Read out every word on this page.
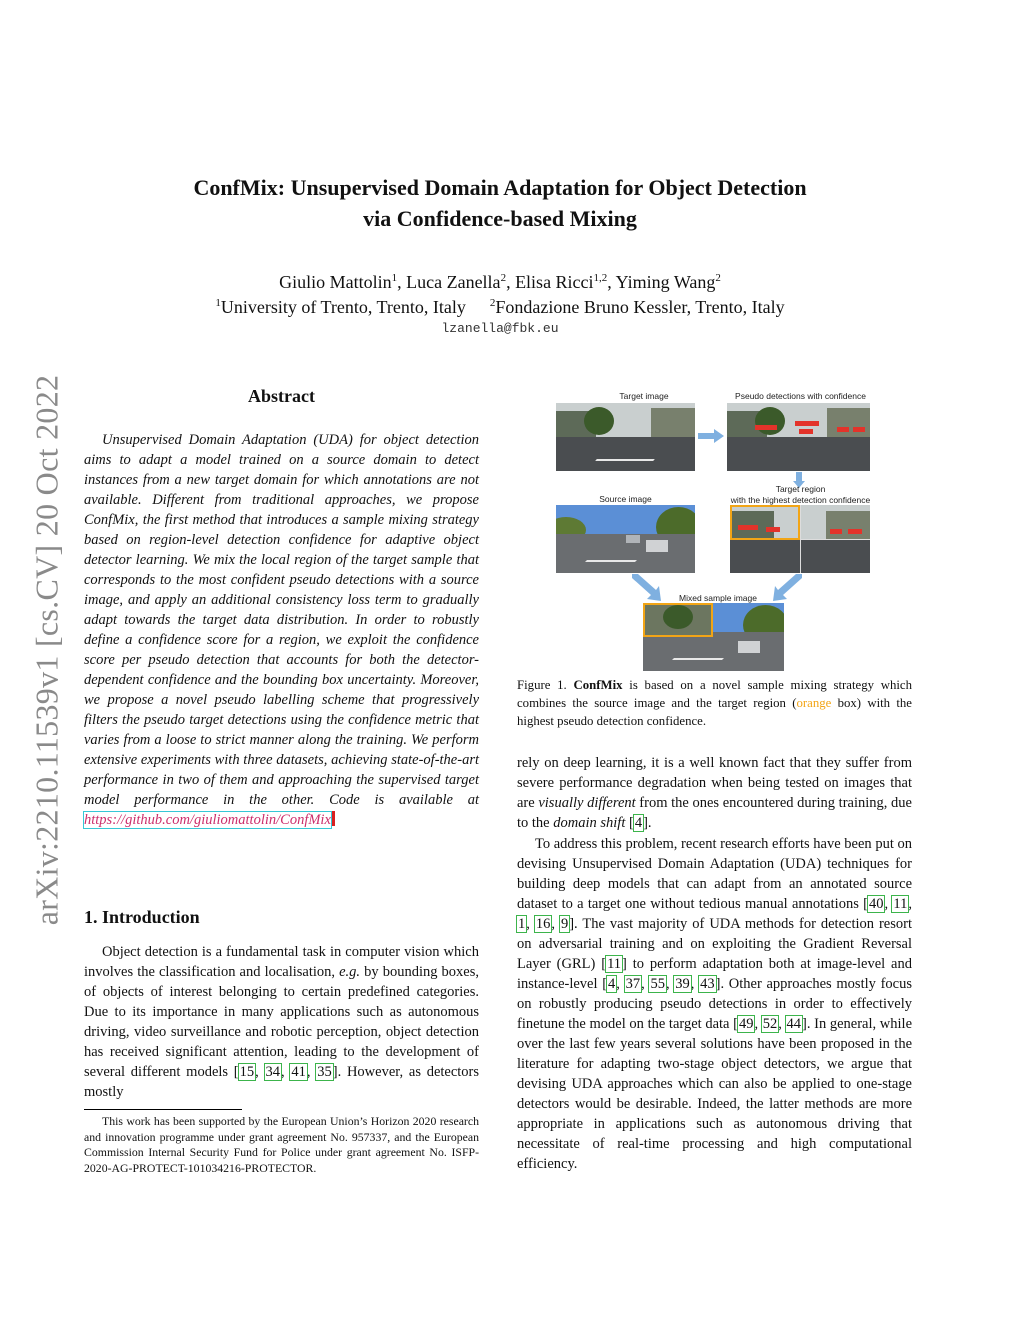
arXiv:2210.11539v1 [cs.CV] 20 Oct 2022
ConfMix: Unsupervised Domain Adaptation for Object Detection
via Confidence-based Mixing
Giulio Mattolin$^1$, Luca Zanella$^2$, Elisa Ricci$^{1,2}$, Yiming Wang$^2$
$^1$University of Trento, Trento, Italy $^2$Fondazione Bruno Kessler, Trento, Italy
lzanella@fbk.eu
Abstract

Unsupervised Domain Adaptation (UDA) for object detection aims to adapt a model trained on a source domain to detect instances from a new target domain for which annotations are not available. Different from traditional approaches, we propose ConfMix, the first method that introduces a sample mixing strategy based on region-level detection confidence for adaptive object detector learning. We mix the local region of the target sample that corresponds to the most confident pseudo detections with a source image, and apply an additional consistency loss term to gradually adapt towards the target data distribution. In order to robustly define a confidence score for a region, we exploit the confidence score per pseudo detection that accounts for both the detector-dependent confidence and the bounding box uncertainty. Moreover, we propose a novel pseudo labelling scheme that progressively filters the pseudo target detections using the confidence metric that varies from a loose to strict manner along the training. We perform extensive experiments with three datasets, achieving state-of-the-art performance in two of them and approaching the supervised target model performance in the other. Code is available at https://github.com/giuliomattolin/ConfMix

1. Introduction

Object detection is a fundamental task in computer vision which involves the classification and localisation, e.g. by bounding boxes, of objects of interest belonging to certain predefined categories. Due to its importance in many applications such as autonomous driving, video surveillance and robotic perception, object detection has received significant attention, leading to the development of several different models [15, 34, 41, 35]. However, as detectors mostly

This work has been supported by the European Union’s Horizon 2020 research and innovation programme under grant agreement No. 957337, and the European Commission Internal Security Fund for Police under grant agreement No. ISFP-2020-AG-PROTECT-101034216-PROTECTOR.

Target image	Pseudo detections with confidence
Source image
Target region
with the highest detection confidence
Mixed sample image

Figure 1. ConfMix is based on a novel sample mixing strategy which combines the source image and the target region (orange box) with the highest pseudo detection confidence.

rely on deep learning, it is a well known fact that they suffer from severe performance degradation when being tested on images that are visually different from the ones encountered during training, due to the domain shift [4].

To address this problem, recent research efforts have been put on devising Unsupervised Domain Adaptation (UDA) techniques for building deep models that can adapt from an annotated source dataset to a target one without tedious manual annotations [40, 11, 1, 16, 9]. The vast majority of UDA methods for detection resort on adversarial training and on exploiting the Gradient Reversal Layer (GRL) [11] to perform adaptation both at image-level and instance-level [4, 37, 55, 39, 43]. Other approaches mostly focus on robustly producing pseudo detections in order to effectively finetune the model on the target data [49, 52, 44]. In general, while over the last few years several solutions have been proposed in the literature for adapting two-stage object detectors, we argue that devising UDA approaches which can also be applied to one-stage detectors would be desirable. Indeed, the latter methods are more appropriate in applications such as autonomous driving that necessitate of real-time processing and high computational efficiency.
